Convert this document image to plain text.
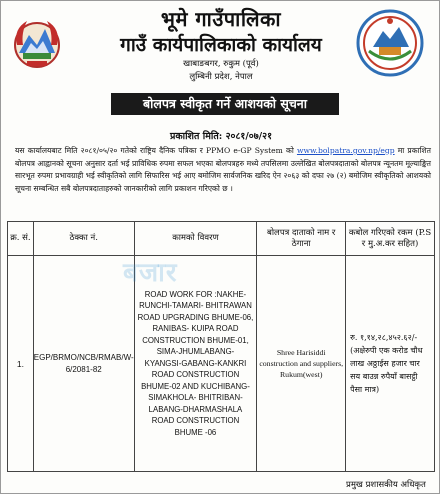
भूमे गाउँपालिका
गाउँ कार्यपालिकाको कार्यालय
खाबाङबगर, रुकुम (पूर्व)
लुम्बिनी प्रदेश, नेपाल
बोलपत्र स्वीकृत गर्ने आशयको सूचना
प्रकाशित मिति: २०८१/०७/२१
यस कार्यालयबाट मिति २०८१/०५/२० गतेको राष्ट्रिय दैनिक पत्रिका र PPMO e-GP System को www.bolpatra.gov.np/egp मा प्रकाशित बोलपत्र आह्वानको सूचना अनुसार दर्ता भई प्राविधिक रुपमा सफल भएका बोलपत्रहरु मध्ये तपसिलमा उल्लेखित बोलपत्रदाताको बोलपत्र न्यूनतम मूल्याङ्कित सारभूत रुपमा प्रभावग्राही भई स्वीकृतिको लागि सिफारिस भई आए बमोजिम सार्वजनिक खरिद ऐन २०६३ को दफा २७ (२) बमोजिम स्वीकृतिको आशयको सूचना सम्बन्धित सबै बोलपत्रदाताहरुको जानकारीको लागि प्रकाशन गरिएको छ ।
क्र. सं.	ठेक्का नं.	कामको विवरण	बोलपत्र दाताको नाम र ठेगाना	कबोल गरिएको रकम (P.S र मु.अ.कर सहित)
1.	EGP/BRMO/NCB/RMAB/W-6/2081-82	ROAD WORK FOR :NAKHE- RUNCHI-TAMARI- BHITRAWAN ROAD UPGRADING BHUME-06, RANIBAS- KUIPA ROAD CONSTRUCTION BHUME-01, SIMA-JHUMLABANG- KYANGSI-GABANG-KANKRI ROAD CONSTRUCTION BHUME-02 AND KUCHIBANG- SIMAKHOLA- BHITRIBAN- LABANG-DHARMASHALA ROAD CONSTRUCTION BHUME -06	Shree Harisiddi construction and suppliers, Rukum(west)	रु. १,१४,२८,४५२.६२/-
(अक्षेरुपी एक करोड चौध लाख अठ्ठाईस हजार चार सय बाउन्न रुपैयाँ बासट्ठी पैसा मात्र)
बजार
प्रमुख प्रशासकीय अधिकृत
